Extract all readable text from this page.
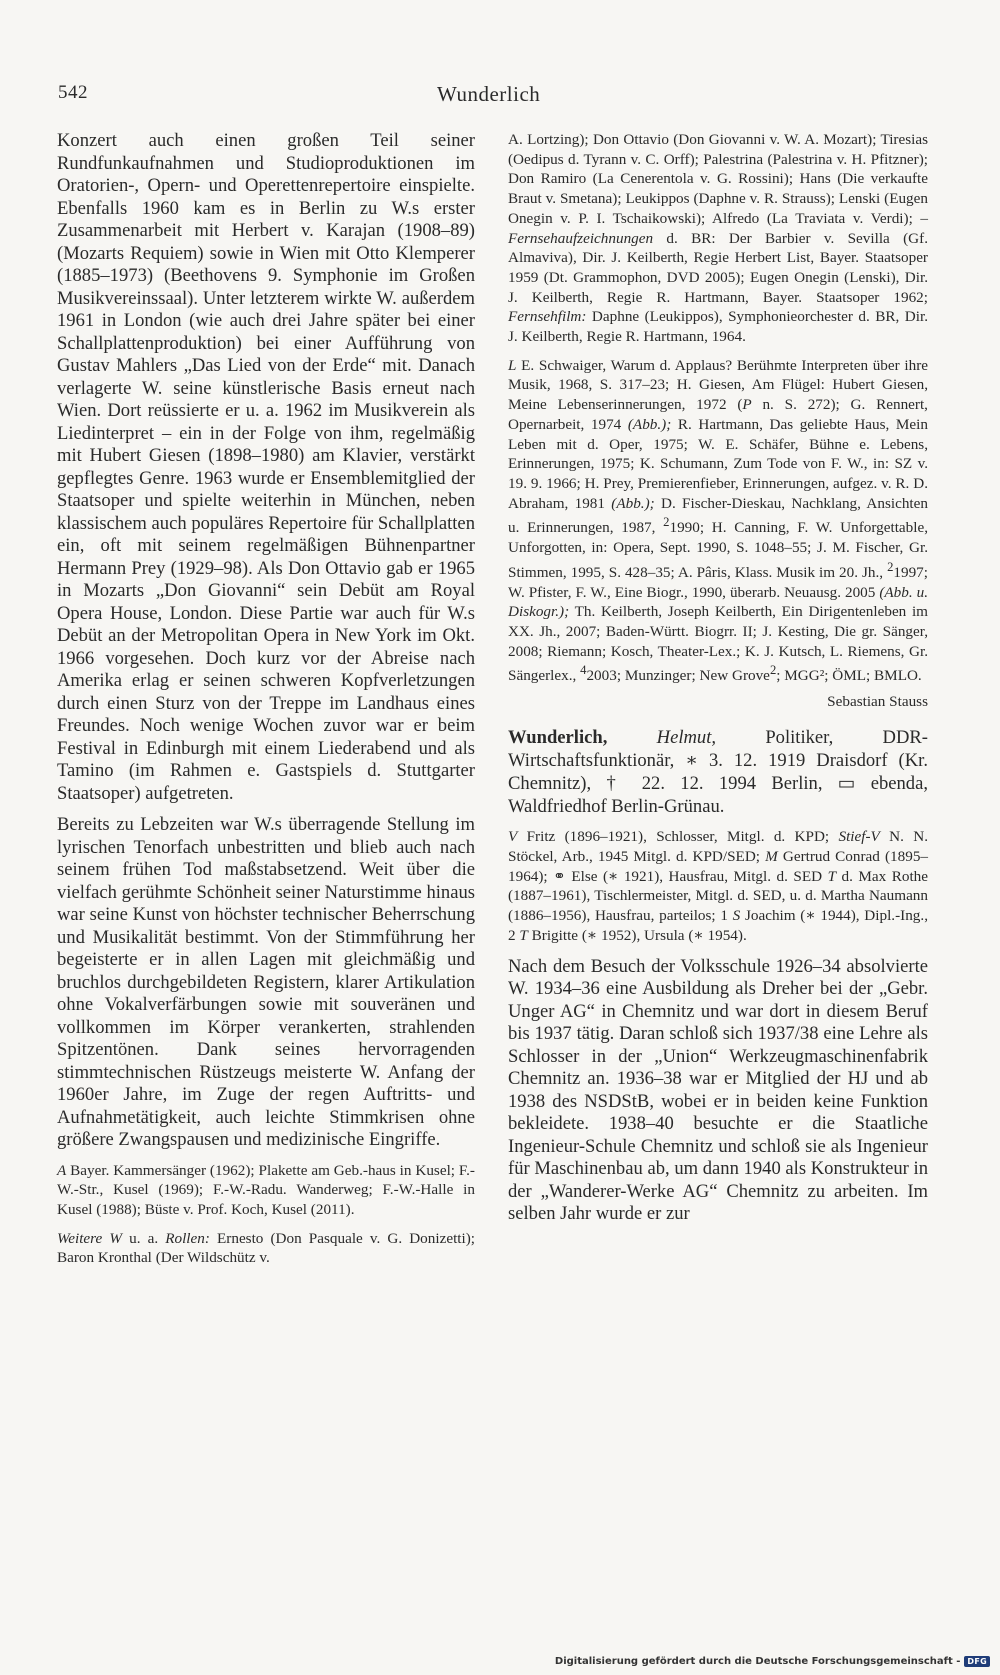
542	Wunderlich

Konzert auch einen großen Teil seiner Rundfunkaufnahmen und Studioproduktionen im Oratorien-, Opern- und Operettenrepertoire einspielte. Ebenfalls 1960 kam es in Berlin zu W.s erster Zusammenarbeit mit Herbert v. Karajan (1908–89) (Mozarts Requiem) sowie in Wien mit Otto Klemperer (1885–1973) (Beethovens 9. Symphonie im Großen Musikvereinssaal). Unter letzterem wirkte W. außerdem 1961 in London (wie auch drei Jahre später bei einer Schallplattenproduktion) bei einer Aufführung von Gustav Mahlers „Das Lied von der Erde“ mit. Danach verlagerte W. seine künstlerische Basis erneut nach Wien. Dort reüssierte er u. a. 1962 im Musikverein als Liedinterpret – ein in der Folge von ihm, regelmäßig mit Hubert Giesen (1898–1980) am Klavier, verstärkt gepflegtes Genre. 1963 wurde er Ensemblemitglied der Staatsoper und spielte weiterhin in München, neben klassischem auch populäres Repertoire für Schallplatten ein, oft mit seinem regelmäßigen Bühnenpartner Hermann Prey (1929–98). Als Don Ottavio gab er 1965 in Mozarts „Don Giovanni“ sein Debüt am Royal Opera House, London. Diese Partie war auch für W.s Debüt an der Metropolitan Opera in New York im Okt. 1966 vorgesehen. Doch kurz vor der Abreise nach Amerika erlag er seinen schweren Kopfverletzungen durch einen Sturz von der Treppe im Landhaus eines Freundes. Noch wenige Wochen zuvor war er beim Festival in Edinburgh mit einem Liederabend und als Tamino (im Rahmen e. Gastspiels d. Stuttgarter Staatsoper) aufgetreten.

Bereits zu Lebzeiten war W.s überragende Stellung im lyrischen Tenorfach unbestritten und blieb auch nach seinem frühen Tod maßstabsetzend. Weit über die vielfach gerühmte Schönheit seiner Naturstimme hinaus war seine Kunst von höchster technischer Beherrschung und Musikalität bestimmt. Von der Stimmführung her begeisterte er in allen Lagen mit gleichmäßig und bruchlos durchgebildeten Registern, klarer Artikulation ohne Vokalverfärbungen sowie mit souveränen und vollkommen im Körper verankerten, strahlenden Spitzentönen. Dank seines hervorragenden stimmtechnischen Rüstzeugs meisterte W. Anfang der 1960er Jahre, im Zuge der regen Auftritts- und Aufnahmetätigkeit, auch leichte Stimmkrisen ohne größere Zwangspausen und medizinische Eingriffe.

A Bayer. Kammersänger (1962); Plakette am Geb.-haus in Kusel; F.-W.-Str., Kusel (1969); F.-W.-Radu. Wanderweg; F.-W.-Halle in Kusel (1988); Büste v. Prof. Koch, Kusel (2011).

Weitere W u. a. Rollen: Ernesto (Don Pasquale v. G. Donizetti); Baron Kronthal (Der Wildschütz v.

A. Lortzing); Don Ottavio (Don Giovanni v. W. A. Mozart); Tiresias (Oedipus d. Tyrann v. C. Orff); Palestrina (Palestrina v. H. Pfitzner); Don Ramiro (La Cenerentola v. G. Rossini); Hans (Die verkaufte Braut v. Smetana); Leukippos (Daphne v. R. Strauss); Lenski (Eugen Onegin v. P. I. Tschaikowski); Alfredo (La Traviata v. Verdi); – Fernsehaufzeichnungen d. BR: Der Barbier v. Sevilla (Gf. Almaviva), Dir. J. Keilberth, Regie Herbert List, Bayer. Staatsoper 1959 (Dt. Grammophon, DVD 2005); Eugen Onegin (Lenski), Dir. J. Keilberth, Regie R. Hartmann, Bayer. Staatsoper 1962; Fernsehfilm: Daphne (Leukippos), Symphonieorchester d. BR, Dir. J. Keilberth, Regie R. Hartmann, 1964.

L E. Schwaiger, Warum d. Applaus? Berühmte Interpreten über ihre Musik, 1968, S. 317–23; H. Giesen, Am Flügel: Hubert Giesen, Meine Lebenserinnerungen, 1972 (P n. S. 272); G. Rennert, Opernarbeit, 1974 (Abb.); R. Hartmann, Das geliebte Haus, Mein Leben mit d. Oper, 1975; W. E. Schäfer, Bühne e. Lebens, Erinnerungen, 1975; K. Schumann, Zum Tode von F. W., in: SZ v. 19. 9. 1966; H. Prey, Premierenfieber, Erinnerungen, aufgez. v. R. D. Abraham, 1981 (Abb.); D. Fischer-Dieskau, Nachklang, Ansichten u. Erinnerungen, 1987, $^2$1990; H. Canning, F. W. Unforgettable, Unforgotten, in: Opera, Sept. 1990, S. 1048–55; J. M. Fischer, Gr. Stimmen, 1995, S. 428–35; A. Pâris, Klass. Musik im 20. Jh., $^2$1997; W. Pfister, F. W., Eine Biogr., 1990, überarb. Neuausg. 2005 (Abb. u. Diskogr.); Th. Keilberth, Joseph Keilberth, Ein Dirigentenleben im XX. Jh., 2007; Baden-Württ. Biogrr. II; J. Kesting, Die gr. Sänger, 2008; Riemann; Kosch, Theater-Lex.; K. J. Kutsch, L. Riemens, Gr. Sängerlex., $^4$2003; Munzinger; New Grove$^2$; MGG²; ÖML; BMLO.

Sebastian Stauss

Wunderlich,	Helmut, Politiker, DDR-Wirtschaftsfunktionär, ∗ 3. 12. 1919 Draisdorf (Kr. Chemnitz), † 22. 12. 1994 Berlin, ▭ ebenda, Waldfriedhof Berlin-Grünau.

V Fritz (1896–1921), Schlosser, Mitgl. d. KPD; Stief-V N. N. Stöckel, Arb., 1945 Mitgl. d. KPD/SED; M Gertrud Conrad (1895–1964); ⚭ Else (∗ 1921), Hausfrau, Mitgl. d. SED T d. Max Rothe (1887–1961), Tischlermeister, Mitgl. d. SED, u. d. Martha Naumann (1886–1956), Hausfrau, parteilos; 1 S Joachim (∗ 1944), Dipl.-Ing., 2 T Brigitte (∗ 1952), Ursula (∗ 1954).

Nach dem Besuch der Volksschule 1926–34 absolvierte W. 1934–36 eine Ausbildung als Dreher bei der „Gebr. Unger AG“ in Chemnitz und war dort in diesem Beruf bis 1937 tätig. Daran schloß sich 1937/38 eine Lehre als Schlosser in der „Union“ Werkzeugmaschinenfabrik Chemnitz an. 1936–38 war er Mitglied der HJ und ab 1938 des NSDStB, wobei er in beiden keine Funktion bekleidete. 1938–40 besuchte er die Staatliche Ingenieur-Schule Chemnitz und schloß sie als Ingenieur für Maschinenbau ab, um dann 1940 als Konstrukteur in der „Wanderer-Werke AG“ Chemnitz zu arbeiten. Im selben Jahr wurde er zur

Digitalisierung gefördert durch die Deutsche Forschungsgemeinschaft - DFG
